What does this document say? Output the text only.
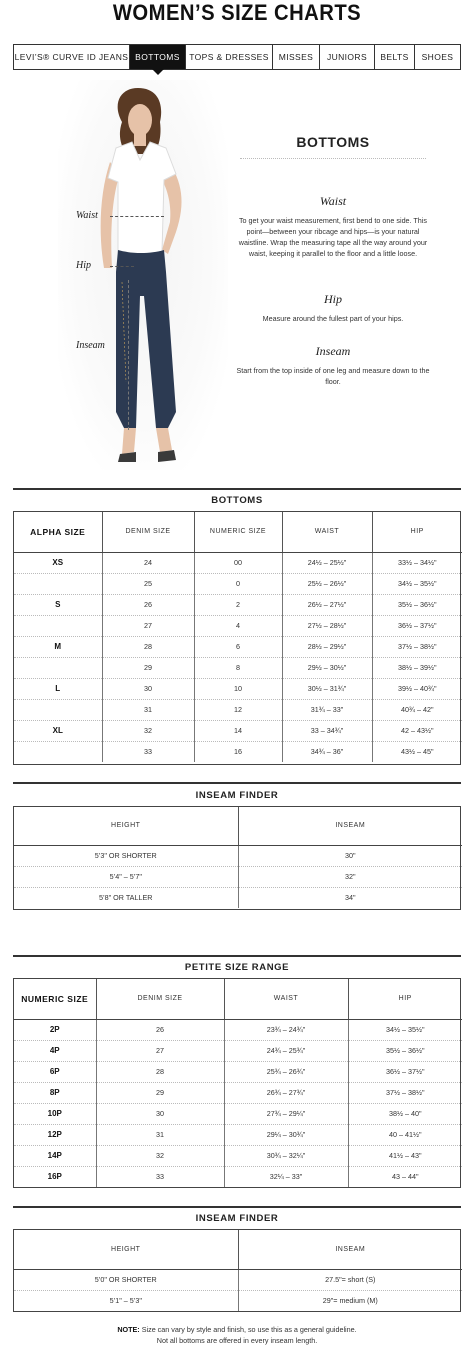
WOMEN’S SIZE CHARTS
LEVI’S® CURVE ID JEANS BOTTOMS	TOPS & DRESSES	MISSES	JUNIORS	BELTS	SHOES
Waist
Hip
Inseam
BOTTOMS
Waist
To get your waist measurement, first bend to one side. This point—between your ribcage and hips—is your natural waistline. Wrap the measuring tape all the way around your waist, keeping it parallel to the floor and a little loose.
Hip
Measure around the fullest part of your hips.
Inseam
Start from the top inside of one leg and measure down to the floor.
BOTTOMS
ALPHA SIZE	DENIM SIZE	NUMERIC SIZE	WAIST	HIP
XS	24	00	24½ – 25½"	33½ – 34½"
	25	0	25½ – 26½"	34½ – 35½"
S	26	2	26½ – 27½"	35½ – 36½"
	27	4	27½ – 28½"	36½ – 37½"
M	28	6	28½ – 29½"	37½ – 38½"
	29	8	29½ – 30½"	38½ – 39½"
L	30	10	30½ – 31¾"	39½ – 40¾"
	31	12	31¾ – 33"	40¾ – 42"
XL	32	14	33 – 34¾"	42 – 43½"
	33	16	34¾ – 36"	43½ – 45"
INSEAM FINDER
HEIGHT	INSEAM
5’3" OR SHORTER	30"
5’4" – 5’7"	32"
5’8" OR TALLER	34"
PETITE SIZE RANGE
NUMERIC SIZE	DENIM SIZE	WAIST	HIP
2P	26	23¾ – 24¾"	34½ – 35½"
4P	27	24¾ – 25¾"	35½ – 36½"
6P	28	25¾ – 26¾"	36½ – 37½"
8P	29	26¾ – 27¾"	37½ – 38½"
10P	30	27¾ – 29¼"	38½ – 40"
12P	31	29¼ – 30¾"	40 – 41½"
14P	32	30¾ – 32¼"	41½ – 43"
16P	33	32¼ – 33"	43 – 44"
INSEAM FINDER
HEIGHT	INSEAM
5’0" OR SHORTER	27.5"= short (S)
5’1" – 5’3"	29"= medium (M)
NOTE: Size can vary by style and finish, so use this as a general guideline.
Not all bottoms are offered in every inseam length.
